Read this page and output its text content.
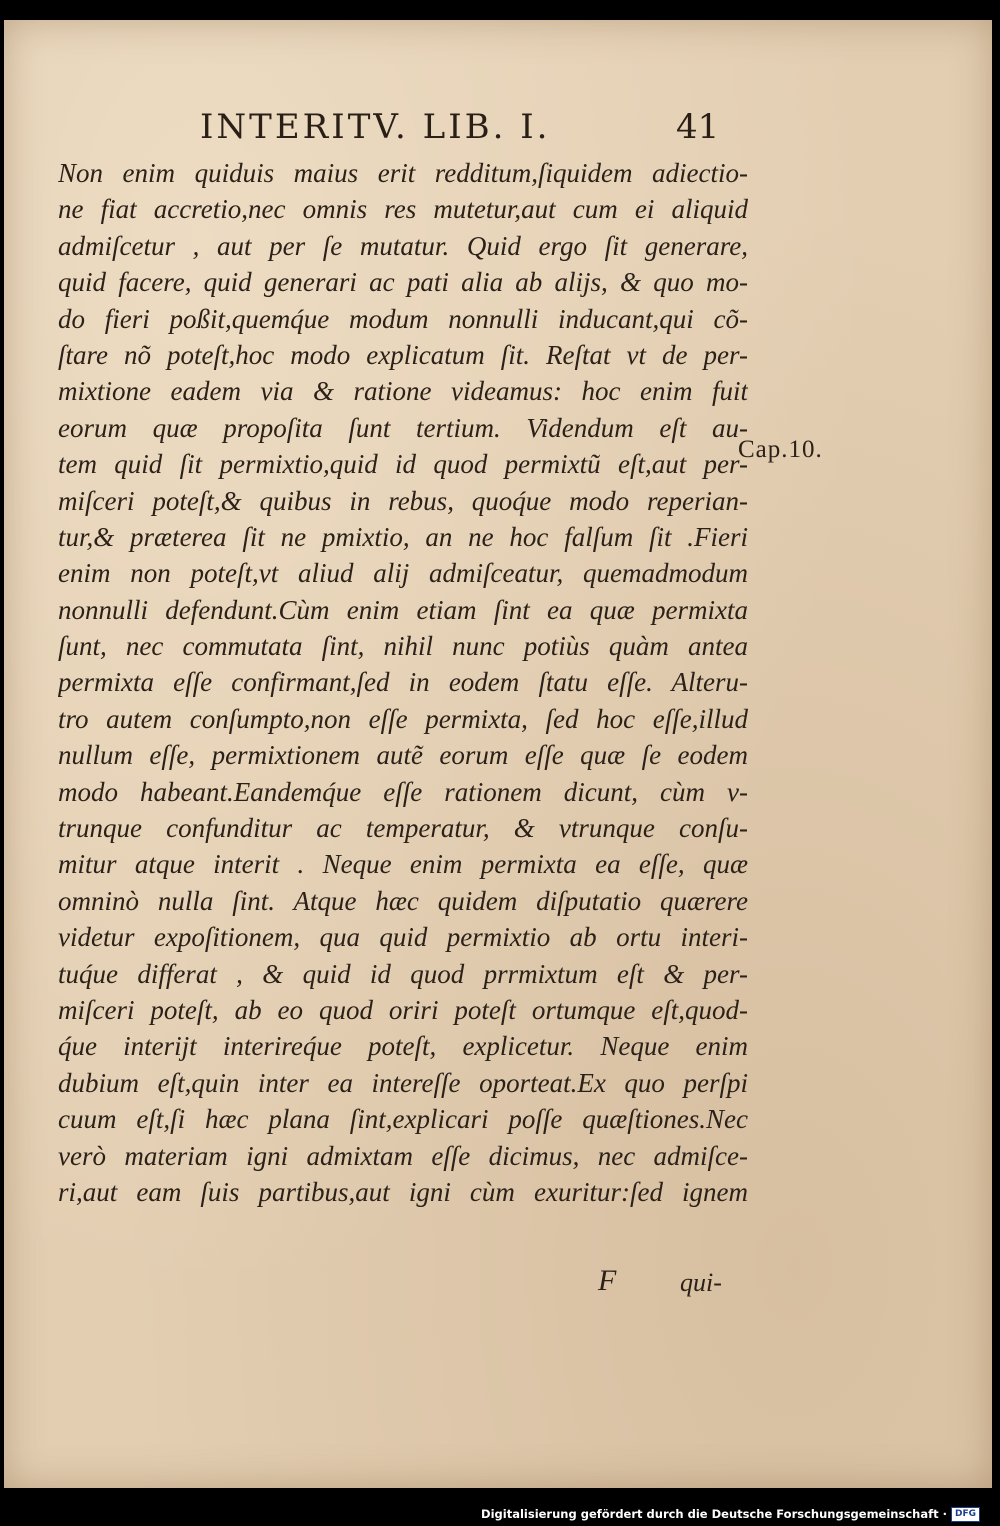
INTERITV. LIB. I.	41
Non enim quiduis maius erit redditum,ſiquidem adiectio-
ne fiat accretio,nec omnis res mutetur,aut cum ei aliquid
admiſcetur , aut per ſe mutatur. Quid ergo ſit generare,
quid facere, quid generari ac pati alia ab alijs, & quo mo-
do fieri poßit,quemq́ue modum nonnulli inducant,qui cõ-
ſtare nõ poteſt,hoc modo explicatum ſit. Reſtat vt de per-
mixtione eadem via & ratione videamus: hoc enim fuit
eorum quæ propoſita ſunt tertium. Videndum eſt au-
tem quid ſit permixtio,quid id quod permixtũ eſt,aut per-
miſceri poteſt,& quibus in rebus, quoq́ue modo reperian-
tur,& præterea ſit ne pmixtio, an ne hoc falſum ſit .Fieri
enim non poteſt,vt aliud alij admiſceatur, quemadmodum
nonnulli defendunt.Cùm enim etiam ſint ea quæ permixta
ſunt, nec commutata ſint, nihil nunc potiùs quàm antea
permixta eſſe confirmant,ſed in eodem ſtatu eſſe. Alteru-
tro autem conſumpto,non eſſe permixta, ſed hoc eſſe,illud
nullum eſſe, permixtionem autẽ eorum eſſe quæ ſe eodem
modo habeant.Eandemq́ue eſſe rationem dicunt, cùm v-
trunque confunditur ac temperatur, & vtrunque conſu-
mitur atque interit . Neque enim permixta ea eſſe, quæ
omninò nulla ſint. Atque hæc quidem diſputatio quærere
videtur expoſitionem, qua quid permixtio ab ortu interi-
tuq́ue differat , & quid id quod prrmixtum eſt & per-
miſceri poteſt, ab eo quod oriri poteſt ortumque eſt,quod-
q́ue interijt interireq́ue poteſt, explicetur. Neque enim
dubium eſt,quin inter ea intereſſe oporteat.Ex quo perſpi
cuum eſt,ſi hæc plana ſint,explicari poſſe quæſtiones.Nec
verò materiam igni admixtam eſſe dicimus, nec admiſce-
ri,aut eam ſuis partibus,aut igni cùm exuritur:ſed ignem
Cap.10.
F qui-
Digitalisierung gefördert durch die Deutsche Forschungsgemeinschaft · DFG
